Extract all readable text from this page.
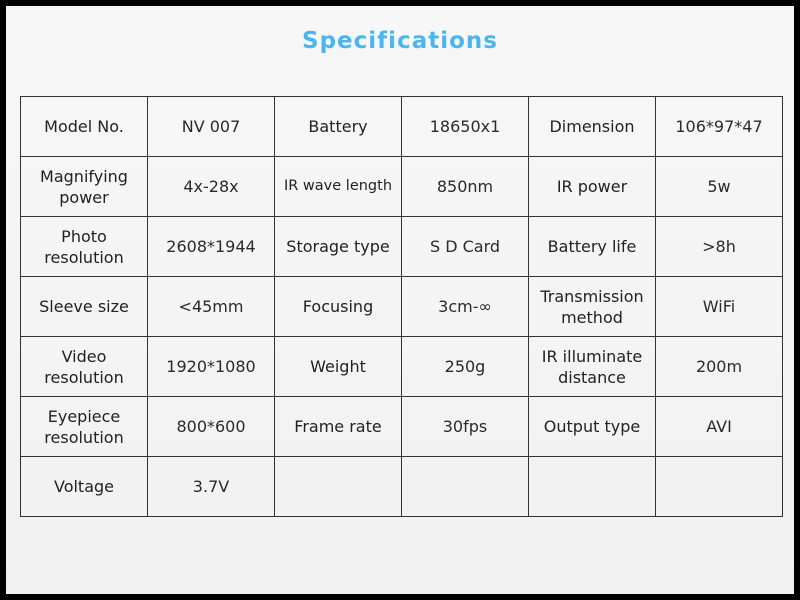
Specifications
Model No.	NV 007	Battery	18650x1	Dimension	106*97*47
Magnifying power	4x-28x	IR wave length	850nm	IR power	5w
Photo resolution	2608*1944	Storage type	S D Card	Battery life	>8h
Sleeve size	<45mm	Focusing	3cm-∞	Transmission method	WiFi
Video resolution	1920*1080	Weight	250g	IR illuminate distance	200m
Eyepiece resolution	800*600	Frame rate	30fps	Output type	AVI
Voltage	3.7V				
